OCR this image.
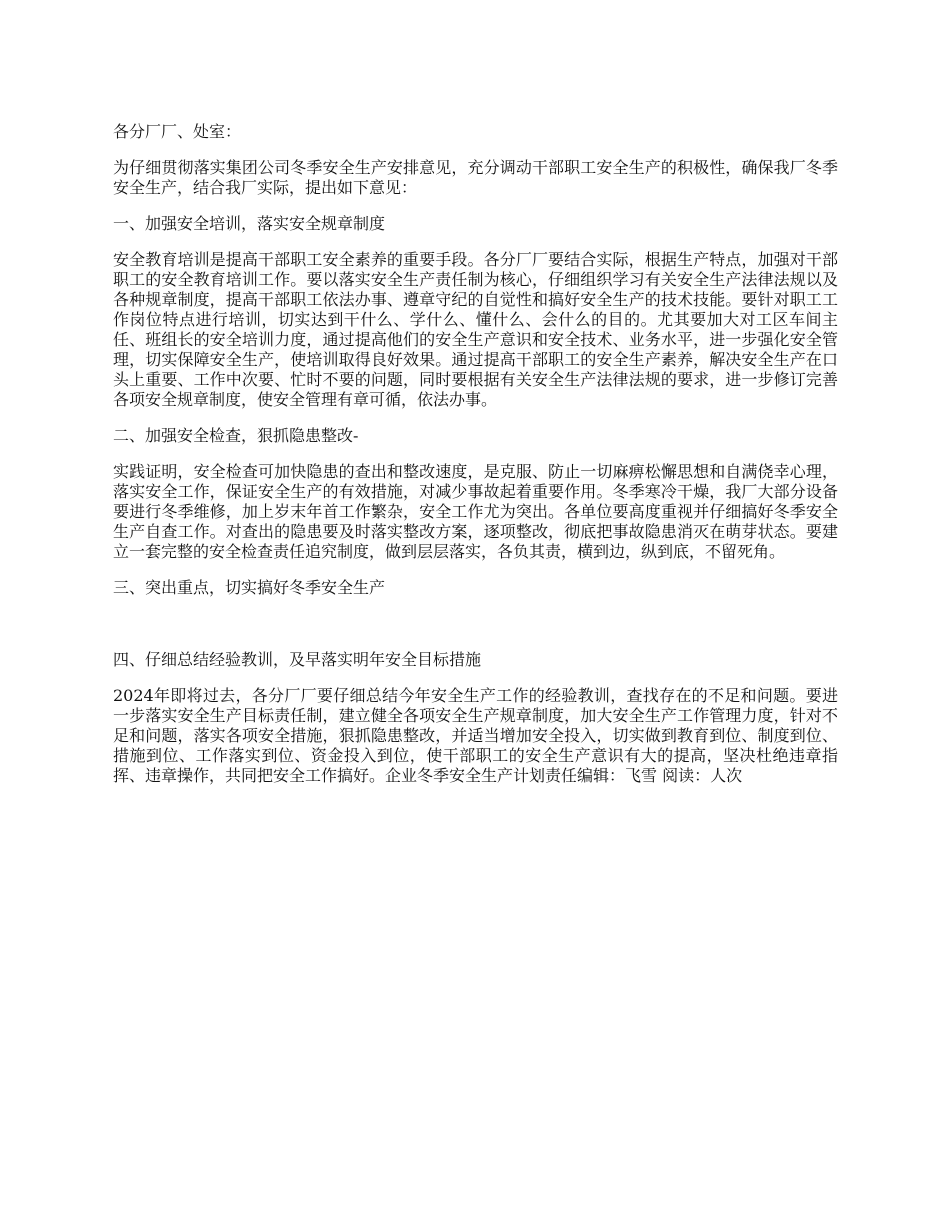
各分厂厂、处室：

为仔细贯彻落实集团公司冬季安全生产安排意见，充分调动干部职工安全生产的积极性，确保我厂冬季安全生产，结合我厂实际，提出如下意见：

一、加强安全培训，落实安全规章制度

安全教育培训是提高干部职工安全素养的重要手段。各分厂厂要结合实际，根据生产特点，加强对干部职工的安全教育培训工作。要以落实安全生产责任制为核心，仔细组织学习有关安全生产法律法规以及各种规章制度，提高干部职工依法办事、遵章守纪的自觉性和搞好安全生产的技术技能。要针对职工工作岗位特点进行培训，切实达到干什么、学什么、懂什么、会什么的目的。尤其要加大对工区车间主任、班组长的安全培训力度，通过提高他们的安全生产意识和安全技术、业务水平，进一步强化安全管理，切实保障安全生产，使培训取得良好效果。通过提高干部职工的安全生产素养，解决安全生产在口头上重要、工作中次要、忙时不要的问题，同时要根据有关安全生产法律法规的要求，进一步修订完善各项安全规章制度，使安全管理有章可循，依法办事。

二、加强安全检查，狠抓隐患整改-

实践证明，安全检查可加快隐患的查出和整改速度，是克服、防止一切麻痹松懈思想和自满侥幸心理，落实安全工作，保证安全生产的有效措施，对减少事故起着重要作用。冬季寒冷干燥，我厂大部分设备要进行冬季维修，加上岁末年首工作繁杂，安全工作尤为突出。各单位要高度重视并仔细搞好冬季安全生产自查工作。对查出的隐患要及时落实整改方案，逐项整改，彻底把事故隐患消灭在萌芽状态。要建立一套完整的安全检查责任追究制度，做到层层落实，各负其责，横到边，纵到底，不留死角。

三、突出重点，切实搞好冬季安全生产

四、仔细总结经验教训，及早落实明年安全目标措施

2024年即将过去，各分厂厂要仔细总结今年安全生产工作的经验教训，查找存在的不足和问题。要进一步落实安全生产目标责任制，建立健全各项安全生产规章制度，加大安全生产工作管理力度，针对不足和问题，落实各项安全措施，狠抓隐患整改，并适当增加安全投入，切实做到教育到位、制度到位、措施到位、工作落实到位、资金投入到位，使干部职工的安全生产意识有大的提高，坚决杜绝违章指挥、违章操作，共同把安全工作搞好。企业冬季安全生产计划责任编辑：飞雪 阅读：人次
